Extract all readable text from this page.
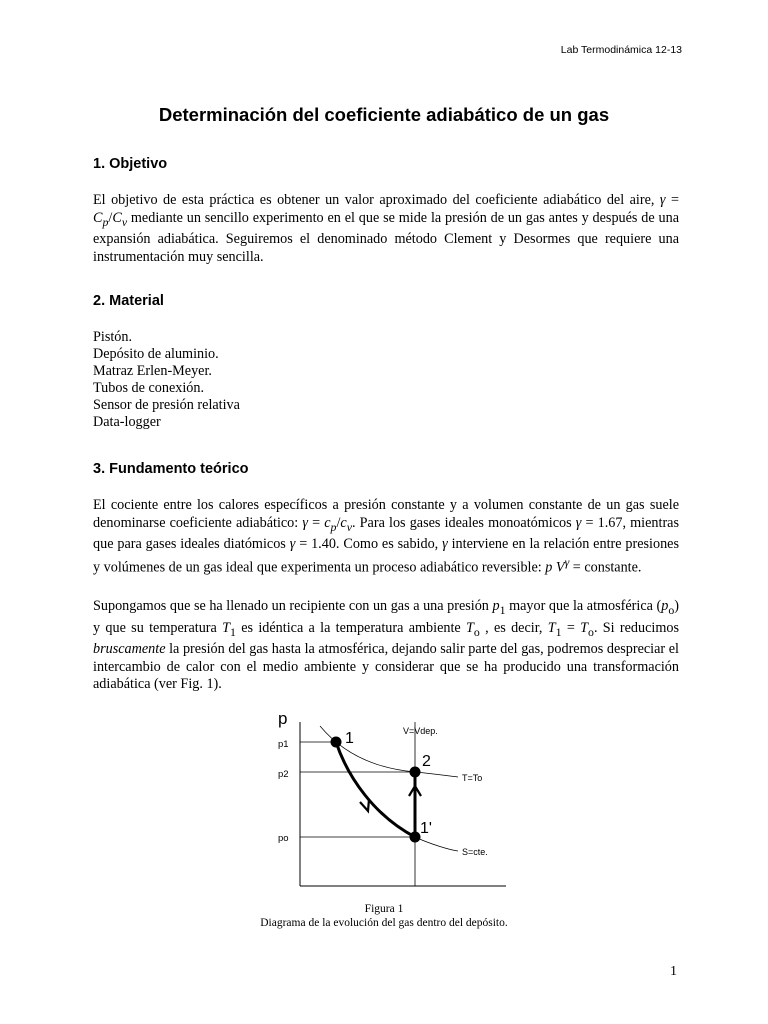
Lab Termodinámica 12-13
Determinación del coeficiente adiabático de un gas
1. Objetivo

El objetivo de esta práctica es obtener un valor aproximado del coeficiente adiabático del aire, $\gamma = C_p/C_v$ mediante un sencillo experimento en el que se mide la presión de un gas antes y después de una expansión adiabática. Seguiremos el denominado método Clement y Desormes que requiere una instrumentación muy sencilla.

2. Material
Pistón.
Depósito de aluminio.
Matraz Erlen-Meyer.
Tubos de conexión.
Sensor de presión relativa
Data-logger
3. Fundamento teórico

El cociente entre los calores específicos a presión constante y a volumen constante de un gas suele denominarse coeficiente adiabático: $\gamma = c_p/c_v$. Para los gases ideales monoatómicos γ = 1.67, mientras que para gases ideales diatómicos γ = 1.40. Como es sabido, γ interviene en la relación entre presiones y volúmenes de un gas ideal que experimenta un proceso adiabático reversible: p $V^\gamma$ = constante.

Supongamos que se ha llenado un recipiente con un gas a una presión $p_1$ mayor que la atmosférica $(p_o)$ y que su temperatura $T_1$ es idéntica a la temperatura ambiente $T_o$ , es decir, $T_1 = T_o$. Si reducimos bruscamente la presión del gas hasta la atmosférica, dejando salir parte del gas, podremos despreciar el intercambio de calor con el medio ambiente y considerar que se ha producido una transformación adiabática (ver Fig. 1).

p
p1
p2
po
1
2
1'
V=Vdep.
T=To
S=cte.
Figura 1
Diagrama de la evolución del gas dentro del depósito.
1
